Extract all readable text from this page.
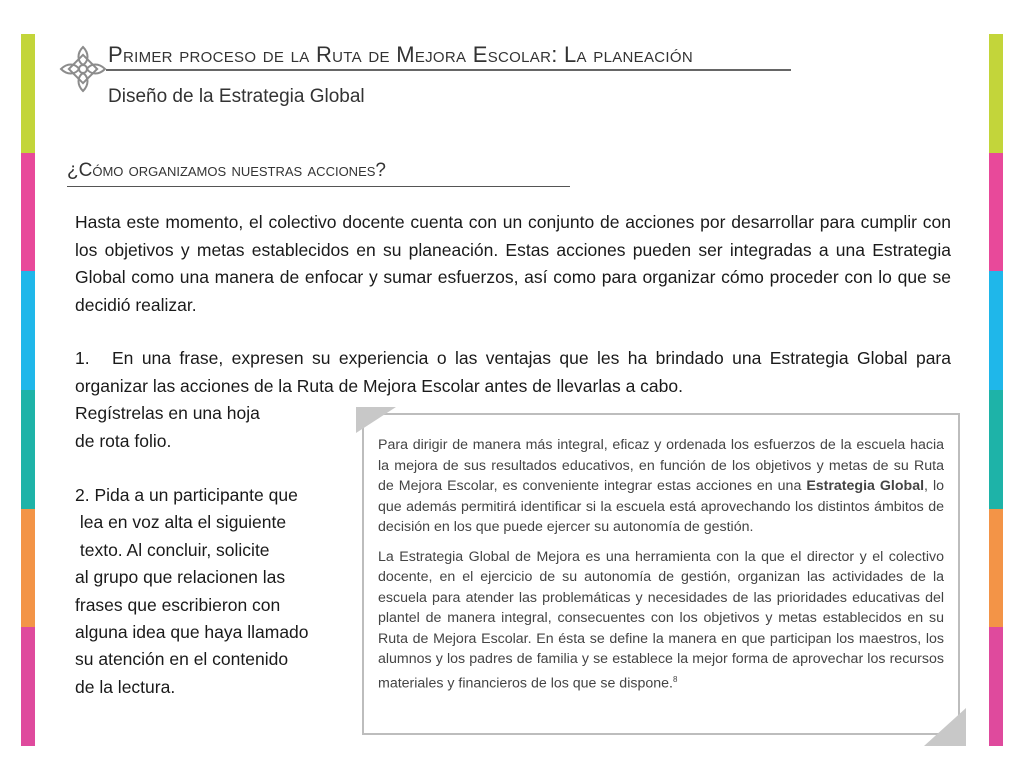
Primer proceso de la Ruta de Mejora Escolar: La planeación
Diseño de la Estrategia Global
¿Cómo organizamos nuestras acciones?

Hasta este momento, el colectivo docente cuenta con un conjunto de acciones por desarrollar para cumplir con los objetivos y metas establecidos en su planeación. Estas acciones pueden ser integradas a una Estrategia Global como una manera de enfocar y sumar esfuerzos, así como para organizar cómo proceder con lo que se decidió realizar.

1. En una frase, expresen su experiencia o las ventajas que les ha brindado una Estrategia Global para organizar las acciones de la Ruta de Mejora Escolar antes de llevarlas a cabo.

Regístrelas en una hoja
de rota folio.

2. Pida a un participante que
lea en voz alta el siguiente
texto. Al concluir, solicite
al grupo que relacionen las
frases que escribieron con
alguna idea que haya llamado
su atención en el contenido
de la lectura.

Para dirigir de manera más integral, eficaz y ordenada los esfuerzos de la escuela hacia la mejora de sus resultados educativos, en función de los objetivos y metas de su Ruta de Mejora Escolar, es conveniente integrar estas acciones en una Estrategia Global, lo que además permitirá identificar si la escuela está aprovechando los distintos ámbitos de decisión en los que puede ejercer su autonomía de gestión.

La Estrategia Global de Mejora es una herramienta con la que el director y el colectivo docente, en el ejercicio de su autonomía de gestión, organizan las actividades de la escuela para atender las problemáticas y necesidades de las prioridades educativas del plantel de manera integral, consecuentes con los objetivos y metas establecidos en su Ruta de Mejora Escolar. En ésta se define la manera en que participan los maestros, los alumnos y los padres de familia y se establece la mejor forma de aprovechar los recursos materiales y financieros de los que se dispone.$^8$
